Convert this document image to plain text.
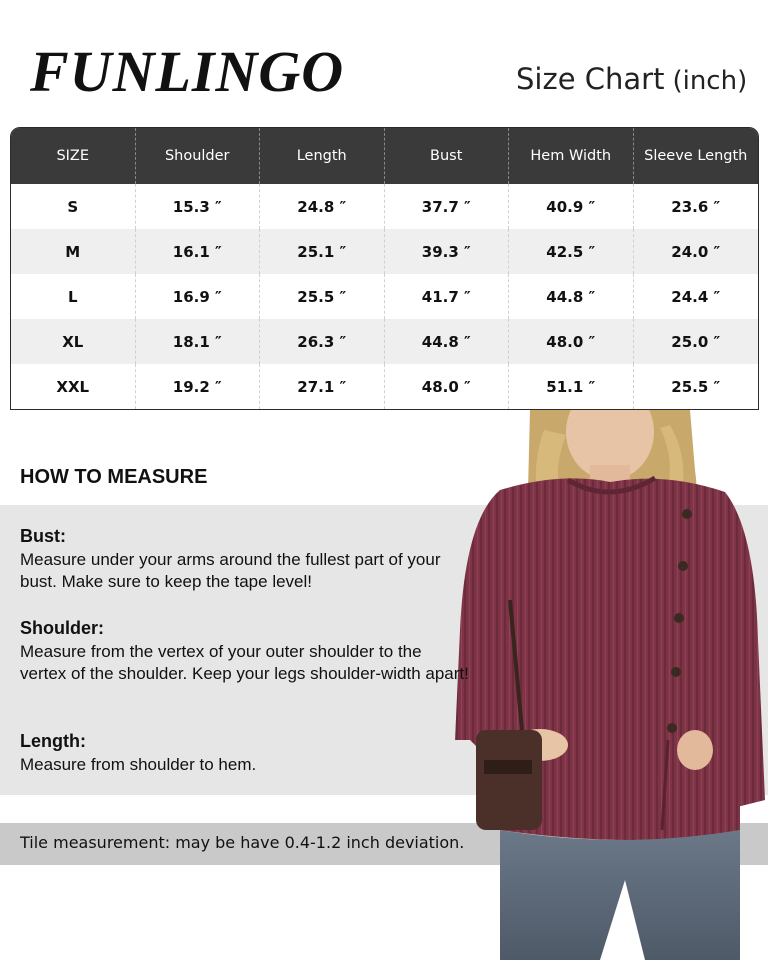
FUNLINGO	Size Chart (inch)
SIZE	Shoulder	Length	Bust	Hem Width	Sleeve Length
S	15.3 ″	24.8 ″	37.7 ″	40.9 ″	23.6 ″
M	16.1 ″	25.1 ″	39.3 ″	42.5 ″	24.0 ″
L	16.9 ″	25.5 ″	41.7 ″	44.8 ″	24.4 ″
XL	18.1 ″	26.3 ″	44.8 ″	48.0 ″	25.0 ″
XXL	19.2 ″	27.1 ″	48.0 ″	51.1 ″	25.5 ″
HOW TO MEASURE
Bust:

Measure under your arms around the fullest part of your bust. Make sure to keep the tape level!

Shoulder:

Measure from the vertex of your outer shoulder to the vertex of the shoulder. Keep your legs shoulder-width apart!

Length:

Measure from shoulder to hem.

Tile measurement: may be have 0.4-1.2 inch deviation.
